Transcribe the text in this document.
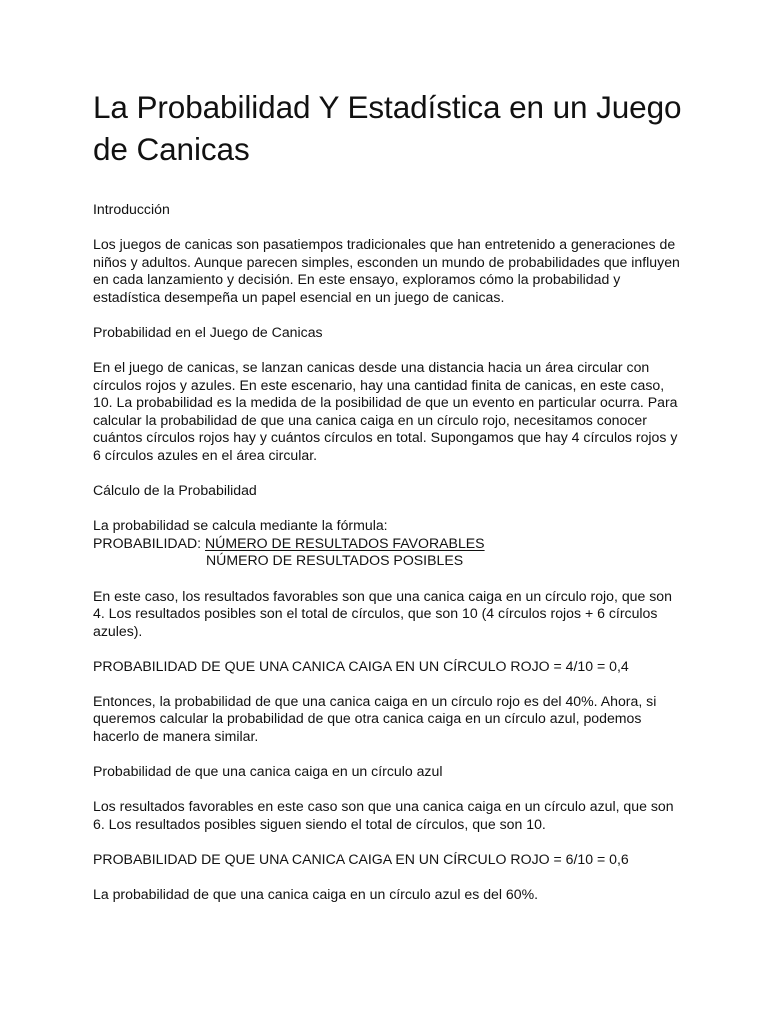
La Probabilidad Y Estadística en un Juego de Canicas

Introducción

Los juegos de canicas son pasatiempos tradicionales que han entretenido a generaciones de niños y adultos. Aunque parecen simples, esconden un mundo de probabilidades que influyen en cada lanzamiento y decisión. En este ensayo, exploramos cómo la probabilidad y estadística desempeña un papel esencial en un juego de canicas.

Probabilidad en el Juego de Canicas

En el juego de canicas, se lanzan canicas desde una distancia hacia un área circular con círculos rojos y azules. En este escenario, hay una cantidad finita de canicas, en este caso, 10. La probabilidad es la medida de la posibilidad de que un evento en particular ocurra. Para calcular la probabilidad de que una canica caiga en un círculo rojo, necesitamos conocer cuántos círculos rojos hay y cuántos círculos en total. Supongamos que hay 4 círculos rojos y 6 círculos azules en el área circular.

Cálculo de la Probabilidad

La probabilidad se calcula mediante la fórmula:

PROBABILIDAD: NÚMERO DE RESULTADOS FAVORABLES

NÚMERO DE RESULTADOS POSIBLES

En este caso, los resultados favorables son que una canica caiga en un círculo rojo, que son 4. Los resultados posibles son el total de círculos, que son 10 (4 círculos rojos + 6 círculos azules).

PROBABILIDAD DE QUE UNA CANICA CAIGA EN UN CÍRCULO ROJO = 4/10 = 0,4

Entonces, la probabilidad de que una canica caiga en un círculo rojo es del 40%. Ahora, si queremos calcular la probabilidad de que otra canica caiga en un círculo azul, podemos hacerlo de manera similar.

Probabilidad de que una canica caiga en un círculo azul

Los resultados favorables en este caso son que una canica caiga en un círculo azul, que son 6. Los resultados posibles siguen siendo el total de círculos, que son 10.

PROBABILIDAD DE QUE UNA CANICA CAIGA EN UN CÍRCULO ROJO = 6/10 = 0,6

La probabilidad de que una canica caiga en un círculo azul es del 60%.
